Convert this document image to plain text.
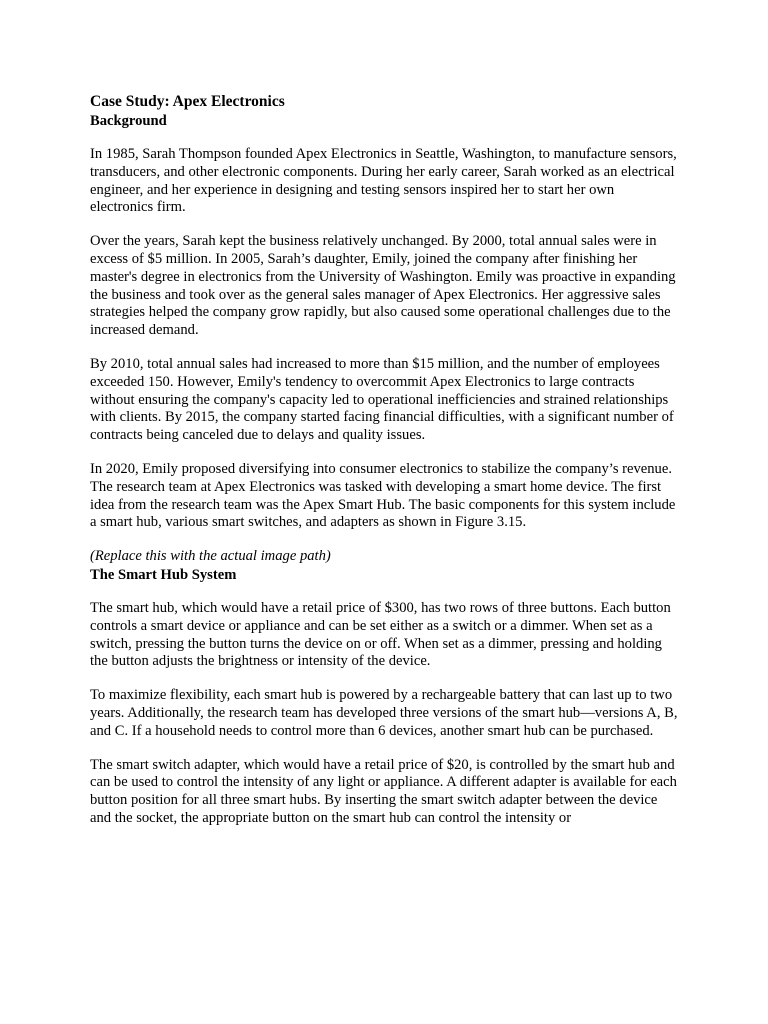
Case Study: Apex Electronics
Background

In 1985, Sarah Thompson founded Apex Electronics in Seattle, Washington, to manufacture sensors, transducers, and other electronic components. During her early career, Sarah worked as an electrical engineer, and her experience in designing and testing sensors inspired her to start her own electronics firm.

Over the years, Sarah kept the business relatively unchanged. By 2000, total annual sales were in excess of $5 million. In 2005, Sarah’s daughter, Emily, joined the company after finishing her master's degree in electronics from the University of Washington. Emily was proactive in expanding the business and took over as the general sales manager of Apex Electronics. Her aggressive sales strategies helped the company grow rapidly, but also caused some operational challenges due to the increased demand.

By 2010, total annual sales had increased to more than $15 million, and the number of employees exceeded 150. However, Emily's tendency to overcommit Apex Electronics to large contracts without ensuring the company's capacity led to operational inefficiencies and strained relationships with clients. By 2015, the company started facing financial difficulties, with a significant number of contracts being canceled due to delays and quality issues.

In 2020, Emily proposed diversifying into consumer electronics to stabilize the company’s revenue. The research team at Apex Electronics was tasked with developing a smart home device. The first idea from the research team was the Apex Smart Hub. The basic components for this system include a smart hub, various smart switches, and adapters as shown in Figure 3.15.

(Replace this with the actual image path)

The Smart Hub System

The smart hub, which would have a retail price of $300, has two rows of three buttons. Each button controls a smart device or appliance and can be set either as a switch or a dimmer. When set as a switch, pressing the button turns the device on or off. When set as a dimmer, pressing and holding the button adjusts the brightness or intensity of the device.

To maximize flexibility, each smart hub is powered by a rechargeable battery that can last up to two years. Additionally, the research team has developed three versions of the smart hub—versions A, B, and C. If a household needs to control more than 6 devices, another smart hub can be purchased.

The smart switch adapter, which would have a retail price of $20, is controlled by the smart hub and can be used to control the intensity of any light or appliance. A different adapter is available for each button position for all three smart hubs. By inserting the smart switch adapter between the device and the socket, the appropriate button on the smart hub can control the intensity or
